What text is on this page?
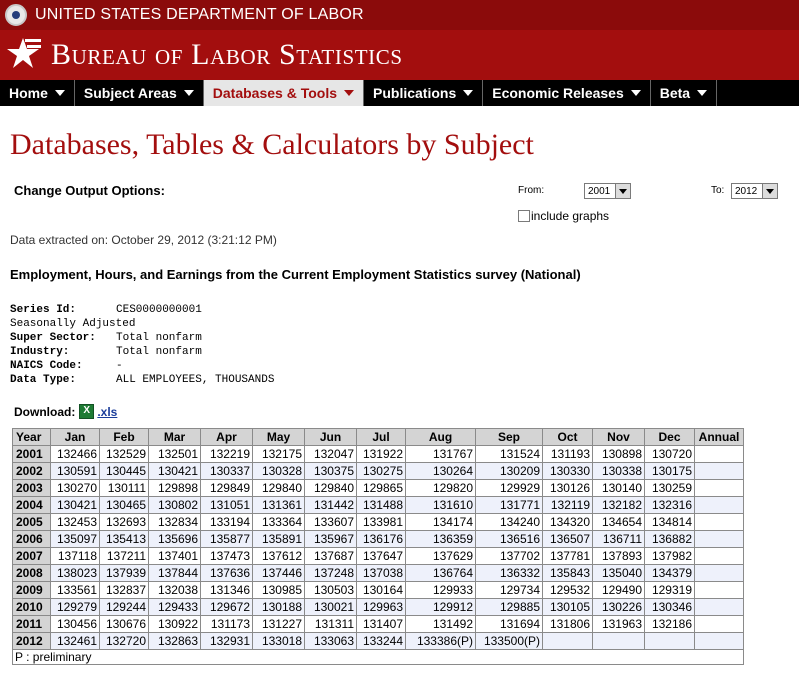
UNITED STATES DEPARTMENT OF LABOR
Bureau of Labor Statistics
Home	Subject Areas	Databases & Tools	Publications	Economic Releases	Beta
Databases, Tables & Calculators by Subject
Change Output Options:	From:	2001	To: 2012
include graphs
Data extracted on: October 29, 2012 (3:21:12 PM)
Employment, Hours, and Earnings from the Current Employment Statistics survey (National)
Series Id:	CES0000000001
Seasonally Adjusted
Super Sector:	Total nonfarm
Industry:	Total nonfarm
NAICS Code:	-
Data Type:	ALL EMPLOYEES, THOUSANDS
Download: X .xls
Year	Jan	Feb	Mar	Apr	May	Jun	Jul	Aug	Sep	Oct	Nov	Dec	Annual
2001	132466	132529	132501	132219	132175	132047	131922	131767	131524	131193	130898	130720	
2002	130591	130445	130421	130337	130328	130375	130275	130264	130209	130330	130338	130175	
2003	130270	130111	129898	129849	129840	129840	129865	129820	129929	130126	130140	130259	
2004	130421	130465	130802	131051	131361	131442	131488	131610	131771	132119	132182	132316	
2005	132453	132693	132834	133194	133364	133607	133981	134174	134240	134320	134654	134814	
2006	135097	135413	135696	135877	135891	135967	136176	136359	136516	136507	136711	136882	
2007	137118	137211	137401	137473	137612	137687	137647	137629	137702	137781	137893	137982	
2008	138023	137939	137844	137636	137446	137248	137038	136764	136332	135843	135040	134379	
2009	133561	132837	132038	131346	130985	130503	130164	129933	129734	129532	129490	129319	
2010	129279	129244	129433	129672	130188	130021	129963	129912	129885	130105	130226	130346	
2011	130456	130676	130922	131173	131227	131311	131407	131492	131694	131806	131963	132186	
2012	132461	132720	132863	132931	133018	133063	133244	133386(P)	133500(P)				
P : preliminary													
